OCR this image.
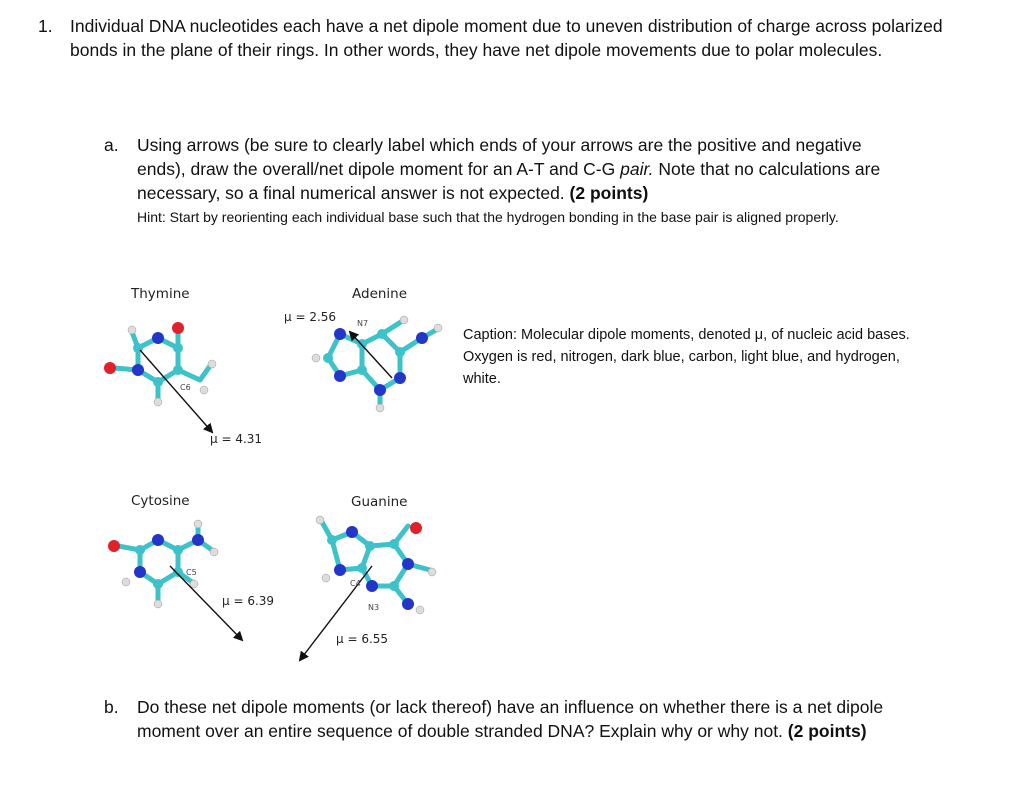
1. Individual DNA nucleotides each have a net dipole moment due to uneven distribution of charge across polarized bonds in the plane of their rings. In other words, they have net dipole movements due to polar molecules.
a. Using arrows (be sure to clearly label which ends of your arrows are the positive and negative ends), draw the overall/net dipole moment for an A-T and C-G pair. Note that no calculations are necessary, so a final numerical answer is not expected. (2 points)
Hint: Start by reorienting each individual base such that the hydrogen bonding in the base pair is aligned properly.
Thymine
C6
μ = 4.31
Adenine
N7
μ = 2.56
Cytosine
C5
μ = 6.39
Guanine
C4
N3
μ = 6.55
Caption: Molecular dipole moments, denoted μ, of nucleic acid bases. Oxygen is red, nitrogen, dark blue, carbon, light blue, and hydrogen, white.
b. Do these net dipole moments (or lack thereof) have an influence on whether there is a net dipole moment over an entire sequence of double stranded DNA? Explain why or why not. (2 points)
